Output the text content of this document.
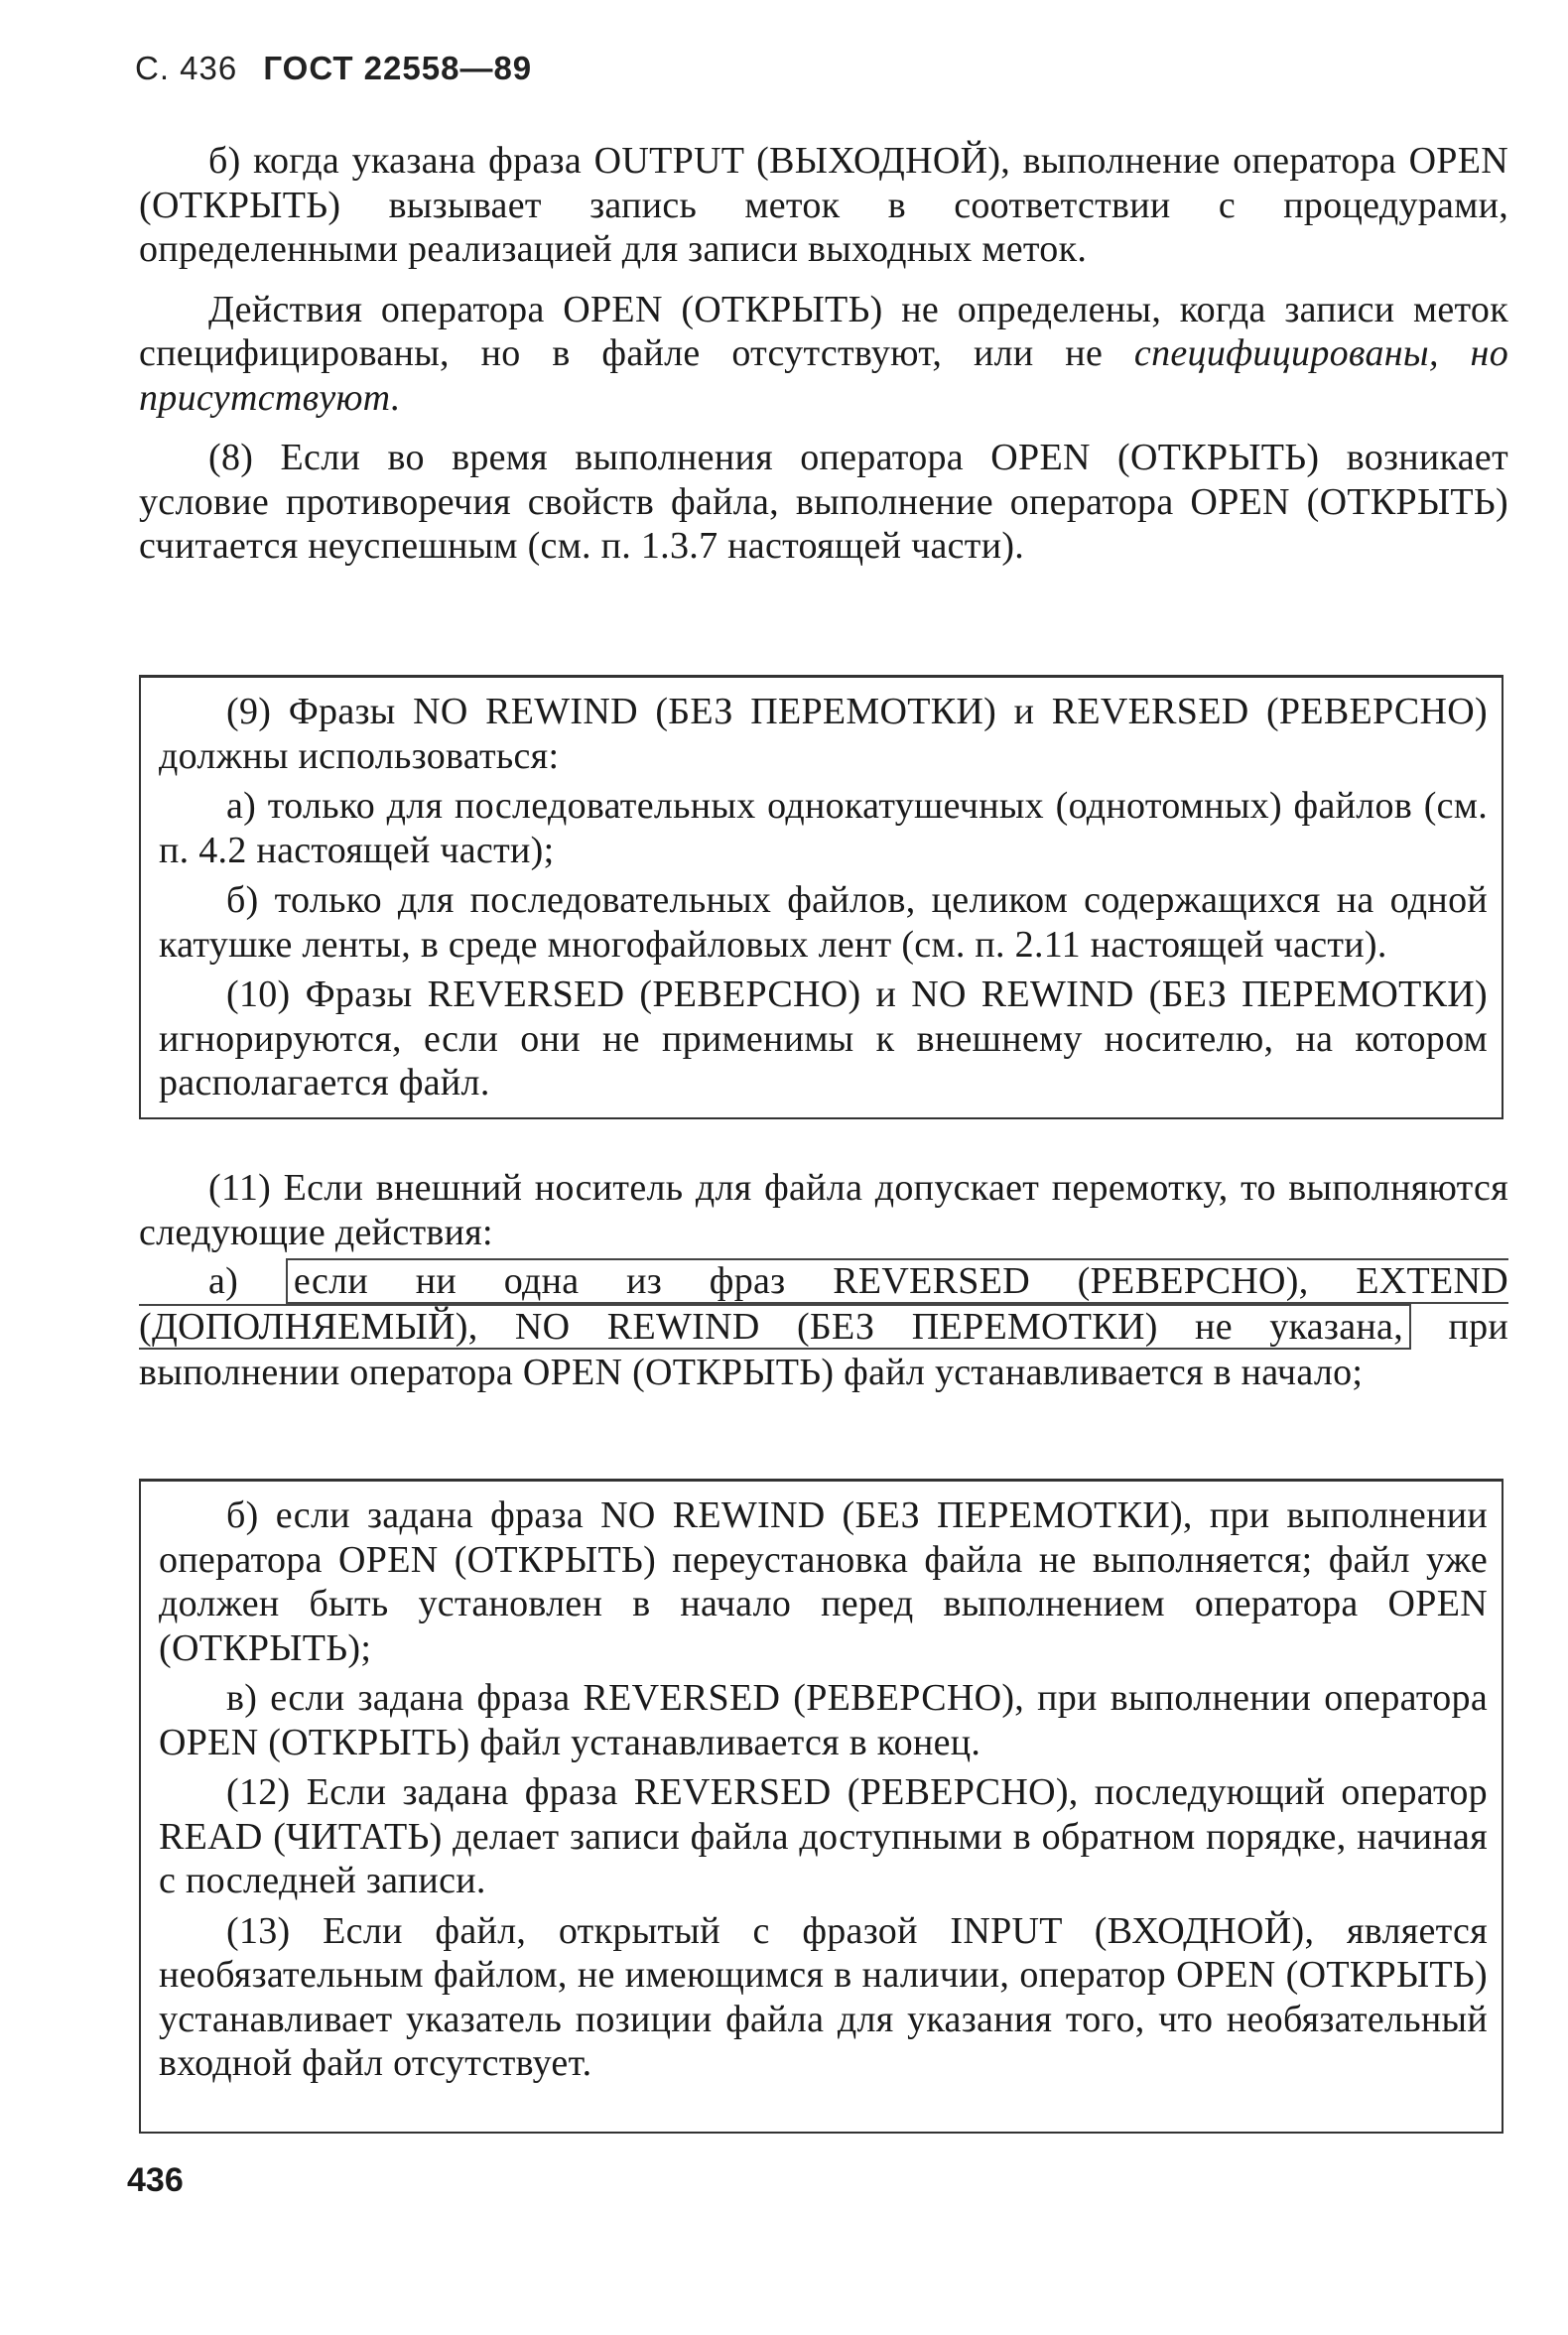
С. 436 ГОСТ 22558—89

б) когда указана фраза OUTPUT (ВЫХОДНОЙ), выполнение оператора OPEN (ОТКРЫТЬ) вызывает запись меток в соответствии с процедурами, определенными реализацией для записи выходных меток.

Действия оператора OPEN (ОТКРЫТЬ) не определены, когда записи меток специфицированы, но в файле отсутствуют, или не специфицированы, но присутствуют.

(8) Если во время выполнения оператора OPEN (ОТКРЫТЬ) возникает условие противоречия свойств файла, выполнение оператора OPEN (ОТКРЫТЬ) считается неуспешным (см. п. 1.3.7 настоящей части).

(9) Фразы NO REWIND (БЕЗ ПЕРЕМОТКИ) и REVERSED (РЕВЕРСНО) должны использоваться:

а) только для последовательных однокатушечных (однотомных) файлов (см. п. 4.2 настоящей части);

б) только для последовательных файлов, целиком содержащихся на одной катушке ленты, в среде многофайловых лент (см. п. 2.11 настоящей части).

(10) Фразы REVERSED (РЕВЕРСНО) и NO REWIND (БЕЗ ПЕРЕМОТКИ) игнорируются, если они не применимы к внешнему носителю, на котором располагается файл.

(11) Если внешний носитель для файла допускает перемотку, то выполняются следующие действия:

а) если ни одна из фраз REVERSED (РЕВЕРСНО), EXTEND (ДОПОЛНЯЕМЫЙ), NO REWIND (БЕЗ ПЕРЕМОТКИ) не указана, при выполнении оператора OPEN (ОТКРЫТЬ) файл устанавливается в начало;

б) если задана фраза NO REWIND (БЕЗ ПЕРЕМОТКИ), при выполнении оператора OPEN (ОТКРЫТЬ) переустановка файла не выполняется; файл уже должен быть установлен в начало перед выполнением оператора OPEN (ОТКРЫТЬ);

в) если задана фраза REVERSED (РЕВЕРСНО), при выполнении оператора OPEN (ОТКРЫТЬ) файл устанавливается в конец.

(12) Если задана фраза REVERSED (РЕВЕРСНО), последующий оператор READ (ЧИТАТЬ) делает записи файла доступными в обратном порядке, начиная с последней записи.

(13) Если файл, открытый с фразой INPUT (ВХОДНОЙ), является необязательным файлом, не имеющимся в наличии, оператор OPEN (ОТКРЫТЬ) устанавливает указатель позиции файла для указания того, что необязательный входной файл отсутствует.

436
